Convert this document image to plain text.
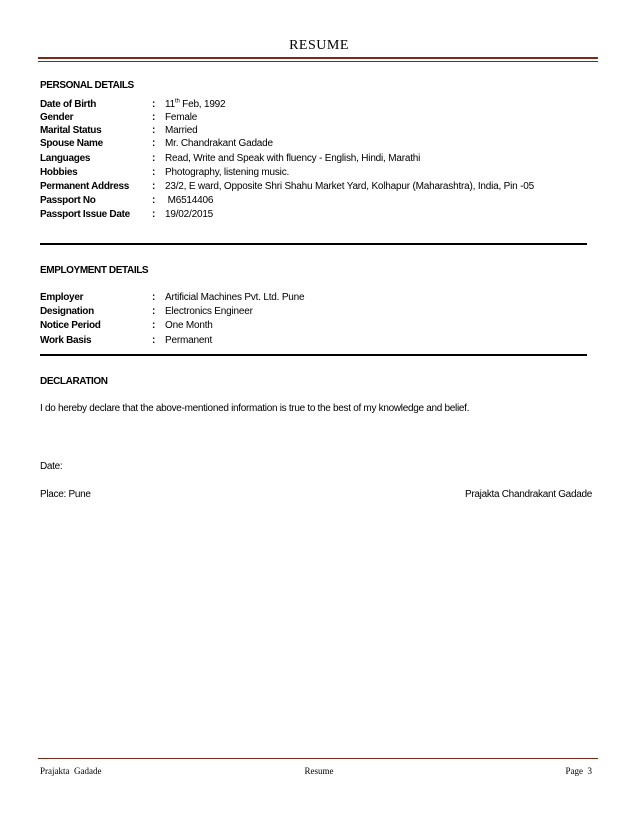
RESUME
PERSONAL DETAILS
Date of Birth	: 11th Feb, 1992
Gender	: Female
Marital Status	: Married
Spouse Name	: Mr. Chandrakant Gadade
Languages	: Read, Write and Speak with fluency - English, Hindi, Marathi
Hobbies	: Photography, listening music.
Permanent Address	: 23/2, E ward, Opposite Shri Shahu Market Yard, Kolhapur (Maharashtra), India, Pin -05
Passport No	: M6514406
Passport Issue Date	: 19/02/2015
EMPLOYMENT DETAILS
Employer	: Artificial Machines Pvt. Ltd. Pune
Designation	: Electronics Engineer
Notice Period	: One Month
Work Basis	: Permanent
DECLARATION
I do hereby declare that the above-mentioned information is true to the best of my knowledge and belief.
Date:
Place: Pune	Prajakta Chandrakant Gadade
Prajakta  Gadade	Resume	Page  3
